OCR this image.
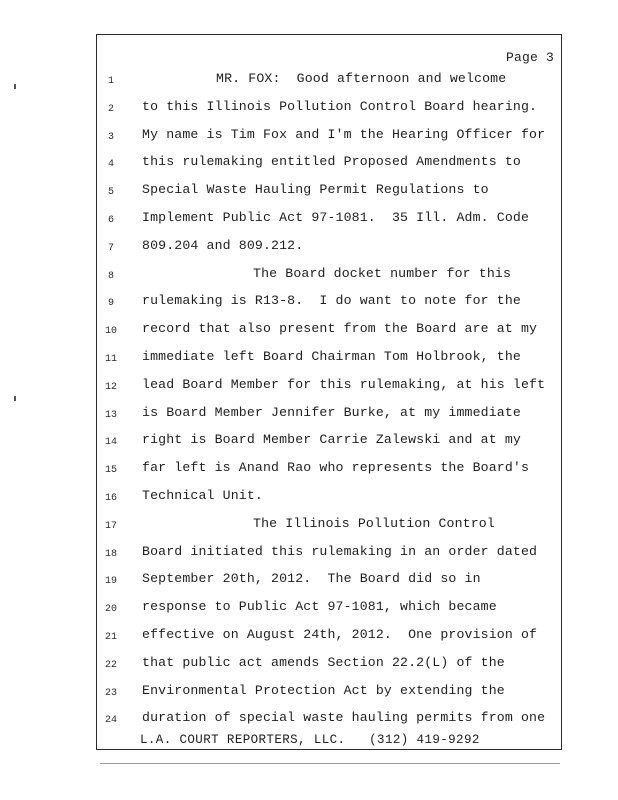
Page 3
1	MR. FOX:  Good afternoon and welcome
2	to this Illinois Pollution Control Board hearing.
3	My name is Tim Fox and I'm the Hearing Officer for
4	this rulemaking entitled Proposed Amendments to
5	Special Waste Hauling Permit Regulations to
6	Implement Public Act 97-1081.  35 Ill. Adm. Code
7	809.204 and 809.212.
8	The Board docket number for this
9	rulemaking is R13-8.  I do want to note for the
10	record that also present from the Board are at my
11	immediate left Board Chairman Tom Holbrook, the
12	lead Board Member for this rulemaking, at his left
13	is Board Member Jennifer Burke, at my immediate
14	right is Board Member Carrie Zalewski and at my
15	far left is Anand Rao who represents the Board's
16	Technical Unit.
17	The Illinois Pollution Control
18	Board initiated this rulemaking in an order dated
19	September 20th, 2012.  The Board did so in
20	response to Public Act 97-1081, which became
21	effective on August 24th, 2012.  One provision of
22	that public act amends Section 22.2(L) of the
23	Environmental Protection Act by extending the
24	duration of special waste hauling permits from one
L.A. COURT REPORTERS, LLC.   (312) 419-9292
